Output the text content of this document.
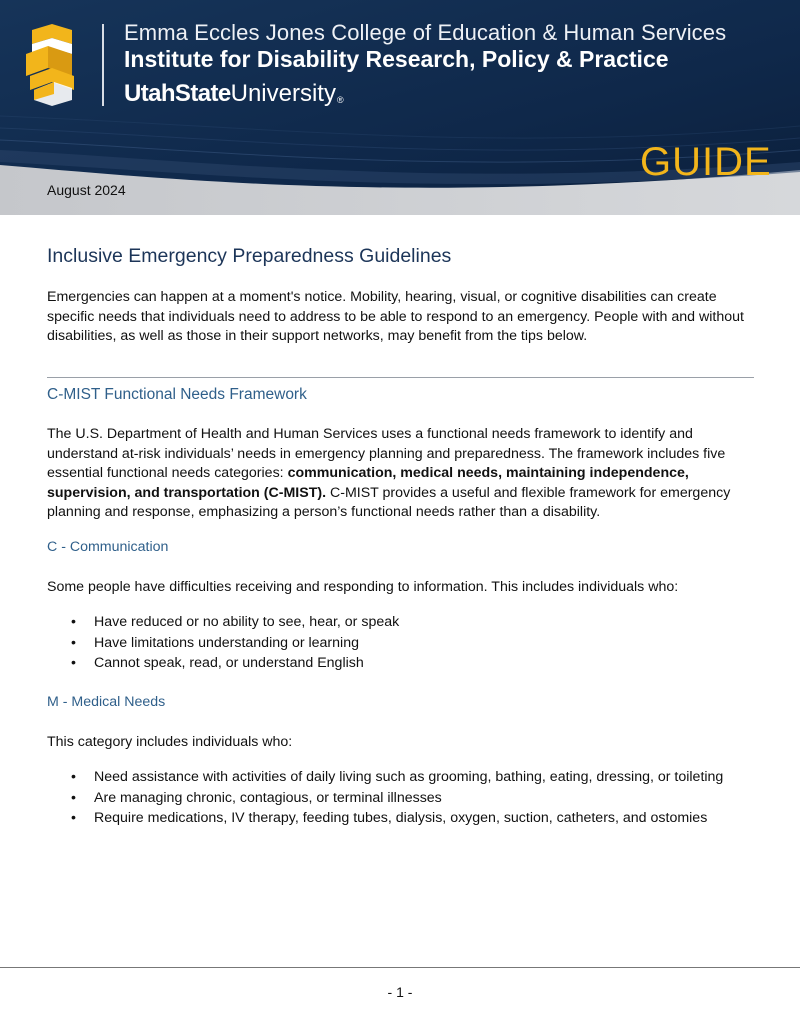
Emma Eccles Jones College of Education & Human Services
Institute for Disability Research, Policy & Practice
UtahStateUniversity®
GUIDE
August 2024
Inclusive Emergency Preparedness Guidelines

Emergencies can happen at a moment's notice. Mobility, hearing, visual, or cognitive disabilities can create specific needs that individuals need to address to be able to respond to an emergency. People with and without disabilities, as well as those in their support networks, may benefit from the tips below.

C-MIST Functional Needs Framework

The U.S. Department of Health and Human Services uses a functional needs framework to identify and understand at-risk individuals’ needs in emergency planning and preparedness. The framework includes five essential functional needs categories: communication, medical needs, maintaining independence, supervision, and transportation (C-MIST). C-MIST provides a useful and flexible framework for emergency planning and response, emphasizing a person’s functional needs rather than a disability.

C - Communication

Some people have difficulties receiving and responding to information. This includes individuals who:

• Have reduced or no ability to see, hear, or speak
• Have limitations understanding or learning
• Cannot speak, read, or understand English
M - Medical Needs

This category includes individuals who:

• Need assistance with activities of daily living such as grooming, bathing, eating, dressing, or toileting
• Are managing chronic, contagious, or terminal illnesses
• Require medications, IV therapy, feeding tubes, dialysis, oxygen, suction, catheters, and ostomies
- 1 -
